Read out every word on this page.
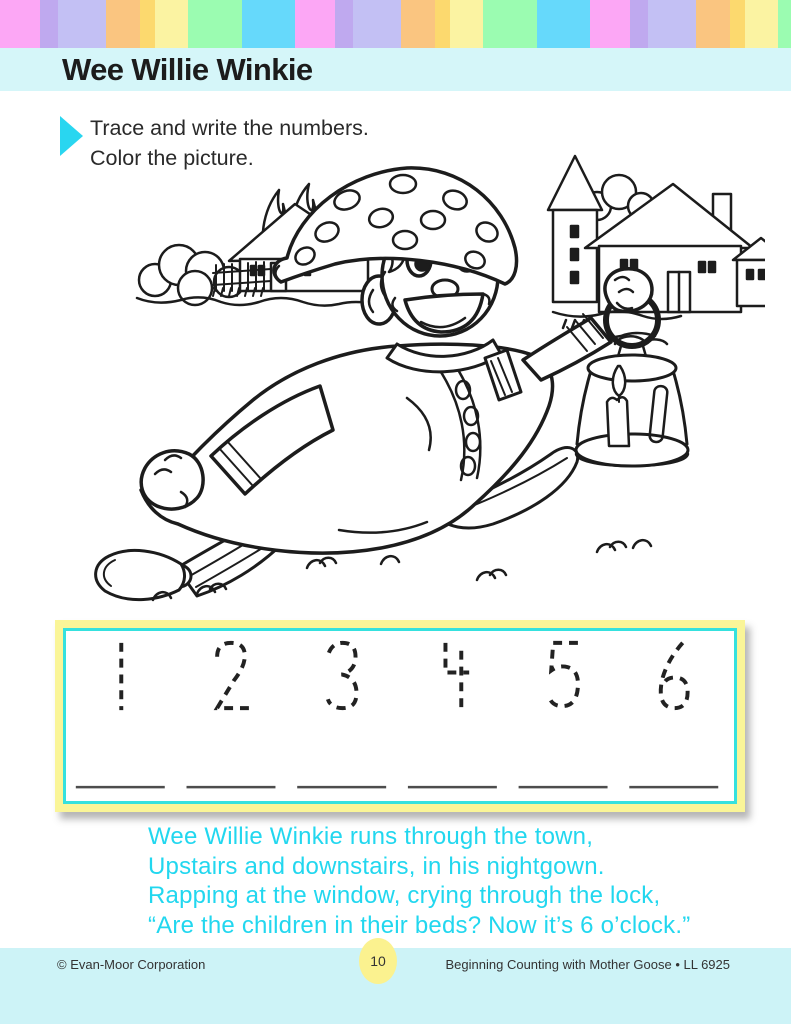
Wee Willie Winkie
Trace and write the numbers.
Color the picture.
Wee Willie Winkie runs through the town,
Upstairs and downstairs, in his nightgown.
Rapping at the window, crying through the lock,
“Are the children in their beds? Now it’s 6 o’clock.”
© Evan-Moor Corporation	10	Beginning Counting with Mother Goose • LL 6925
